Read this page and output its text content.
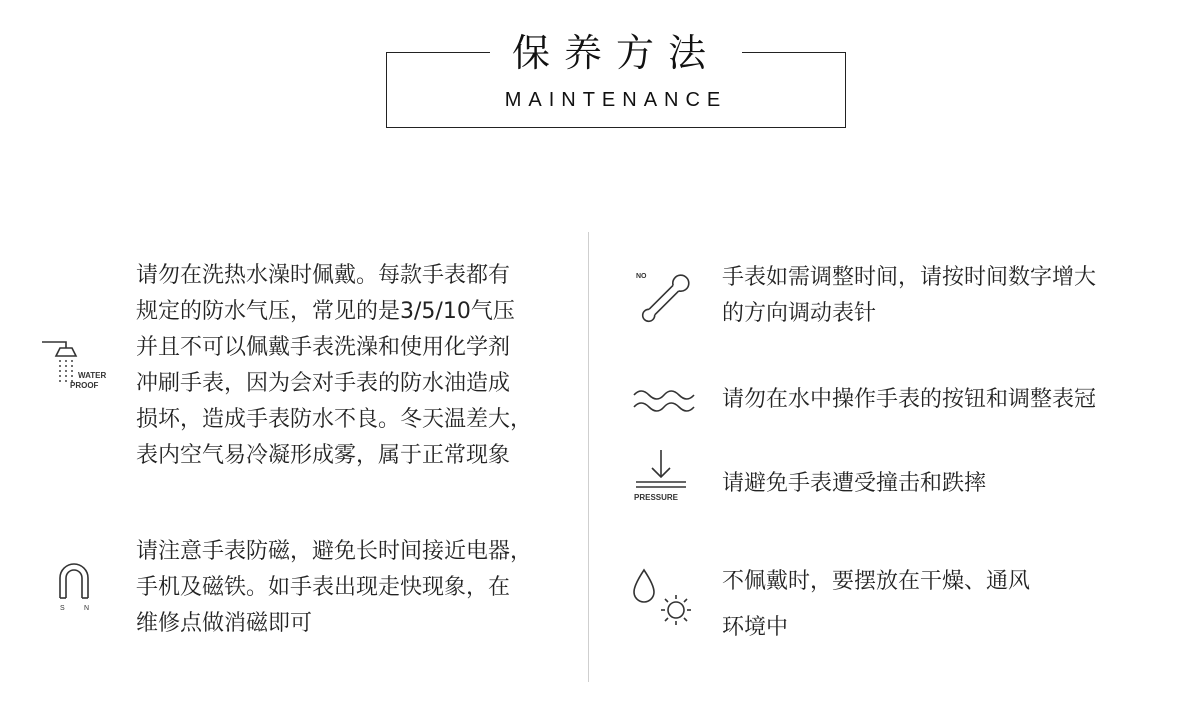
保养方法
MAINTENANCE
WATER
PROOF
请勿在洗热水澡时佩戴。每款手表都有
规定的防水气压，常见的是3/5/10气压
并且不可以佩戴手表洗澡和使用化学剂
冲刷手表，因为会对手表的防水油造成
损坏，造成手表防水不良。冬天温差大，
表内空气易冷凝形成雾，属于正常现象
S	N
请注意手表防磁，避免长时间接近电器，
手机及磁铁。如手表出现走快现象，在
维修点做消磁即可
NO	手表如需调整时间，请按时间数字增大
的方向调动表针
请勿在水中操作手表的按钮和调整表冠
PRESSURE
请避免手表遭受撞击和跌摔
不佩戴时，要摆放在干燥、通风
环境中
